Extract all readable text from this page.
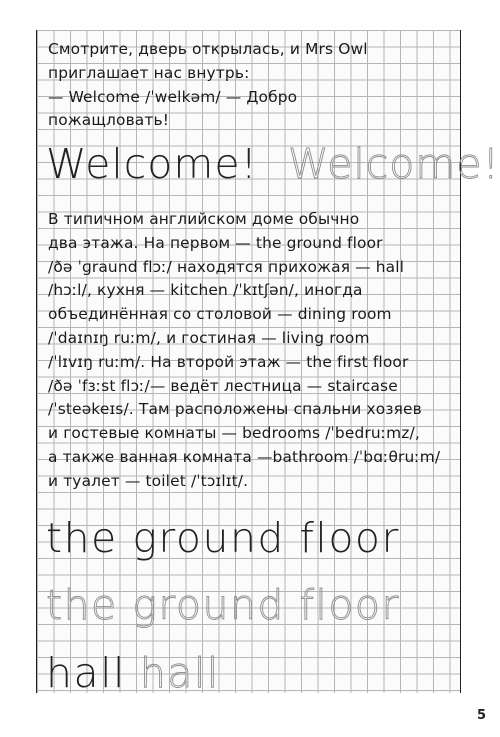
Смотрите, дверь открылась, и Mrs Owl
приглашает нас внутрь:
— Welcome /ˈwelkəm/ — Добро
пожащловать!

Welcome! Welcome!

В типичном английском доме обычно
два этажа. На первом — the ground floor
/ðə ˈɡraund flɔː/ находятся прихожая — hall
/hɔːl/, кухня — kitchen /ˈkɪtʃən/, иногда
объединённая со столовой — dining room
/ˈdaɪnɪŋ ruːm/, и гостиная — living room
/ˈlɪvɪŋ ruːm/. На второй этаж — the first floor
/ðə ˈfɜːst flɔː/— ведёт лестница — staircase
/ˈsteəkeɪs/. Там расположены спальни хозяев
и гостевые комнаты — bedrooms /ˈbedruːmz/,
а также ванная комната —bathroom /ˈbɑːθruːm/
и туалет — toilet /ˈtɔɪlɪt/.

the ground floor
the ground floor
hall hall
5
